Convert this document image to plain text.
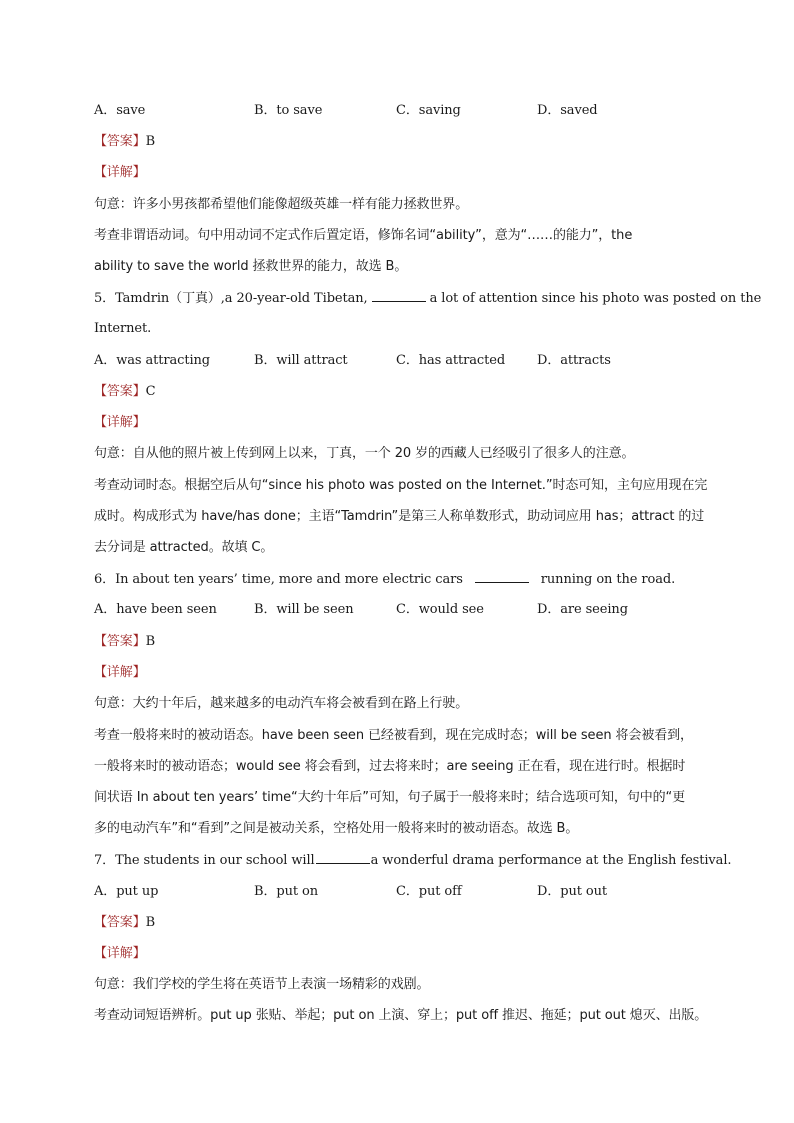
A．save	B．to save	C．saving	D．saved
【答案】B
【详解】
句意：许多小男孩都希望他们能像超级英雄一样有能力拯救世界。
考查非谓语动词。句中用动词不定式作后置定语，修饰名词“ability”，意为“……的能力”，the
ability to save the world 拯救世界的能力，故选 B。
5．Tamdrin（丁真）,a 20-year-old Tibetan,	a lot of attention since his photo was posted on the
Internet.
A．was attracting	B．will attract	C．has attracted D．attracts
【答案】C
【详解】
句意：自从他的照片被上传到网上以来，丁真，一个 20 岁的西藏人已经吸引了很多人的注意。
考查动词时态。根据空后从句“since his photo was posted on the Internet.”时态可知，主句应用现在完
成时。构成形式为 have/has done；主语“Tamdrin”是第三人称单数形式，助动词应用 has；attract 的过
去分词是 attracted。故填 C。
6．In about ten years’ time, more and more electric cars	running on the road.
A．have been seen	B．will be seen	C．would see	D．are seeing
【答案】B
【详解】
句意：大约十年后，越来越多的电动汽车将会被看到在路上行驶。
考查一般将来时的被动语态。have been seen 已经被看到，现在完成时态；will be seen 将会被看到，
一般将来时的被动语态；would see 将会看到，过去将来时；are seeing 正在看，现在进行时。根据时
间状语 In about ten years’ time“大约十年后”可知，句子属于一般将来时；结合选项可知，句中的“更
多的电动汽车”和“看到”之间是被动关系，空格处用一般将来时的被动语态。故选 B。
7．The students in our school will	a wonderful drama performance at the English festival.
A．put up	B．put on	C．put off	D．put out
【答案】B
【详解】
句意：我们学校的学生将在英语节上表演一场精彩的戏剧。
考查动词短语辨析。put up 张贴、举起；put on 上演、穿上；put off 推迟、拖延；put out 熄灭、出版。
